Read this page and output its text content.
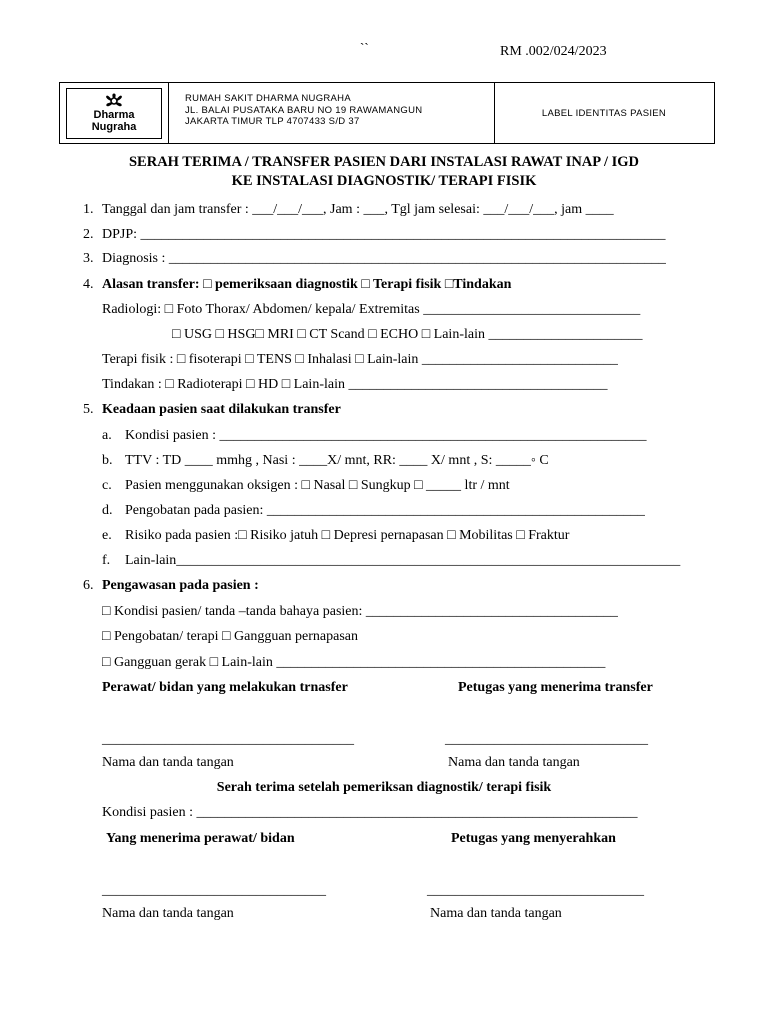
``	RM .002/024/2023
Dharma
Nugraha
RUMAH SAKIT DHARMA NUGRAHA
JL. BALAI PUSATAKA BARU NO 19 RAWAMANGUN
JAKARTA TIMUR TLP 4707433 S/D 37
LABEL IDENTITAS PASIEN
SERAH TERIMA / TRANSFER PASIEN DARI INSTALASI RAWAT INAP / IGD
KE INSTALASI DIAGNOSTIK/ TERAPI FISIK
1. Tanggal dan jam transfer : ___/___/___, Jam : ___, Tgl jam selesai: ___/___/___, jam ____
2. DPJP: ___________________________________________________________________________
3. Diagnosis : _______________________________________________________________________
4. Alasan transfer: □ pemeriksaan diagnostik □ Terapi fisik □Tindakan
Radiologi: □ Foto Thorax/ Abdomen/ kepala/ Extremitas _______________________________
□ USG □ HSG□ MRI □ CT Scand □ ECHO □ Lain-lain ______________________
Terapi fisik : □ fisoterapi □ TENS □ Inhalasi □ Lain-lain ____________________________
Tindakan : □ Radioterapi □ HD □ Lain-lain _____________________________________
5. Keadaan pasien saat dilakukan transfer
a. Kondisi pasien : _____________________________________________________________
b. TTV : TD ____ mmhg , Nasi : ____X/ mnt, RR: ____ X/ mnt , S: _____◦ C
c. Pasien menggunakan oksigen : □ Nasal □ Sungkup □ _____ ltr / mnt
d. Pengobatan pada pasien: ______________________________________________________
e. Risiko pada pasien :□ Risiko jatuh □ Depresi pernapasan □ Mobilitas □ Fraktur
f. Lain-lain________________________________________________________________________
6. Pengawasan pada pasien :
□ Kondisi pasien/ tanda –tanda bahaya pasien: ____________________________________
□ Pengobatan/ terapi □ Gangguan pernapasan
□ Gangguan gerak □ Lain-lain _______________________________________________
Perawat/ bidan yang melakukan trnasfer	Petugas yang menerima transfer
____________________________________	_____________________________
Nama dan tanda tangan	Nama dan tanda tangan
Serah terima setelah pemeriksan diagnostik/ terapi fisik
Kondisi pasien : _______________________________________________________________
Yang menerima perawat/ bidan	Petugas yang menyerahkan
________________________________	_______________________________
Nama dan tanda tangan	Nama dan tanda tangan
